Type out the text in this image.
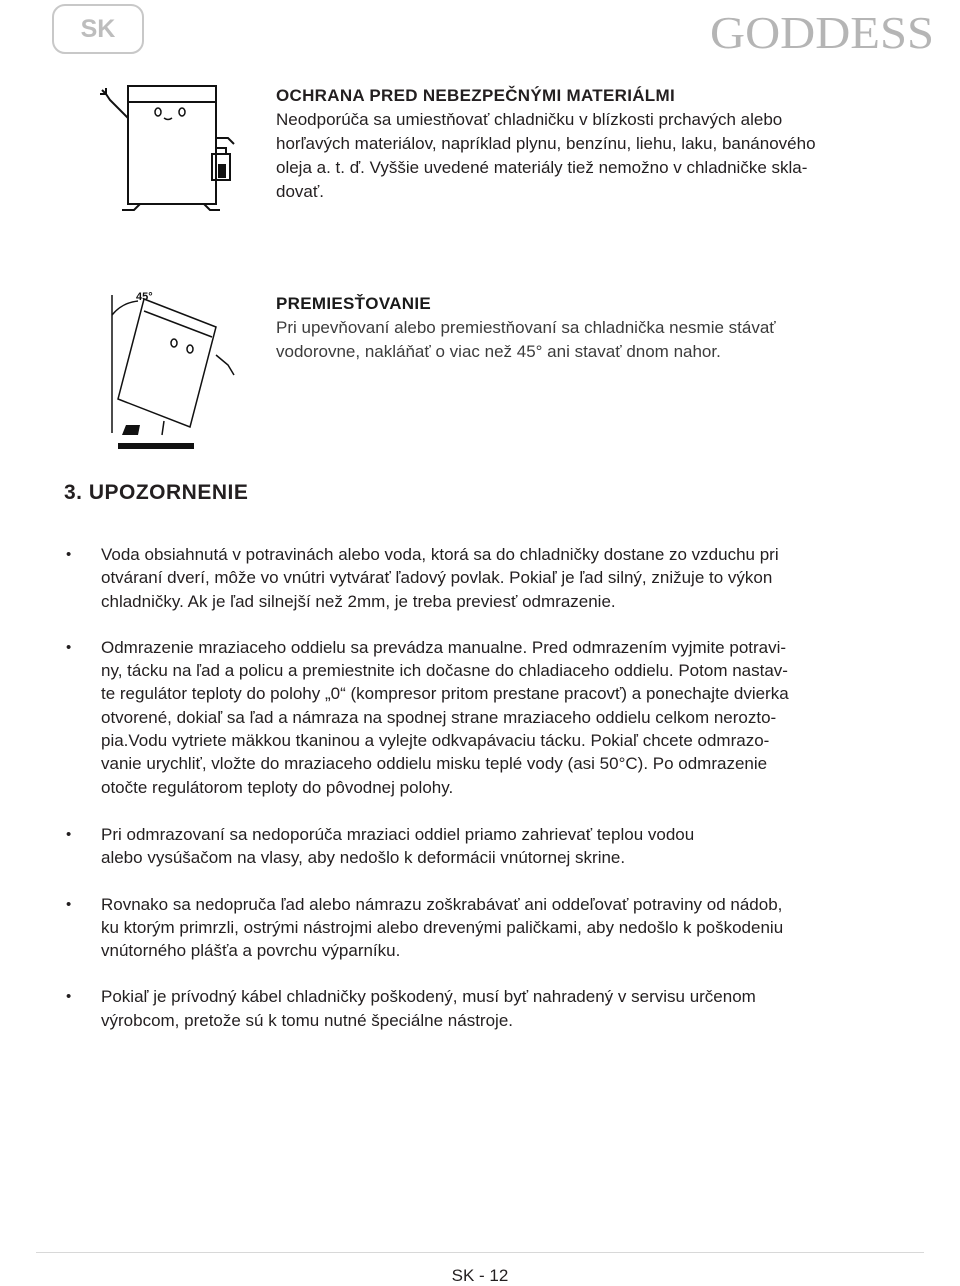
SK	GODDESS
OCHRANA PRED NEBEZPEČNÝMI MATERIÁLMI

Neodporúča sa umiestňovať chladničku v blízkosti prchavých alebo

horľavých materiálov, napríklad plynu, benzínu, liehu, laku, banánového

oleja a. t. ď. Vyššie uvedené materiály tiež nemožno v chladničke skla-

dovať.

45°	PREMIESŤOVANIE

Pri upevňovaní alebo premiestňovaní sa chladnička nesmie stávať

vodorovne, nakláňať o viac než 45° ani stavať dnom nahor.

3. UPOZORNENIE
• Voda obsiahnutá v potravinách alebo voda, ktorá sa do chladničky dostane zo vzduchu pri
otváraní dverí, môže vo vnútri vytvárať ľadový povlak. Pokiaľ je ľad silný, znižuje to výkon
chladničky. Ak je ľad silnejší než 2mm, je treba previesť odmrazenie.
• Odmrazenie mraziaceho oddielu sa prevádza manualne. Pred odmrazením vyjmite potravi-
ny, tácku na ľad a policu a premiestnite ich dočasne do chladiaceho oddielu. Potom nastav-
te regulátor teploty do polohy „0“ (kompresor pritom prestane pracovť) a ponechajte dvierka
otvorené, dokiaľ sa ľad a námraza na spodnej strane mraziaceho oddielu celkom nerozto-
pia.Vodu vytriete mäkkou tkaninou a vylejte odkvapávaciu tácku. Pokiaľ chcete odmrazo-
vanie urychliť, vložte do mraziaceho oddielu misku teplé vody (asi 50°C). Po odmrazenie
otočte regulátorom teploty do pôvodnej polohy.
• Pri odmrazovaní sa nedoporúča mraziaci oddiel priamo zahrievať teplou vodou
alebo vysúšačom na vlasy, aby nedošlo k deformácii vnútornej skrine.
• Rovnako sa nedopruča ľad alebo námrazu zoškrabávať ani oddeľovať potraviny od nádob,
ku ktorým primrzli, ostrými nástrojmi alebo drevenými paličkami, aby nedošlo k poškodeniu
vnútorného plášťa a povrchu výparníku.
• Pokiaľ je prívodný kábel chladničky poškodený, musí byť nahradený v servisu určenom
výrobcom, pretože sú k tomu nutné špeciálne nástroje.
SK - 12
